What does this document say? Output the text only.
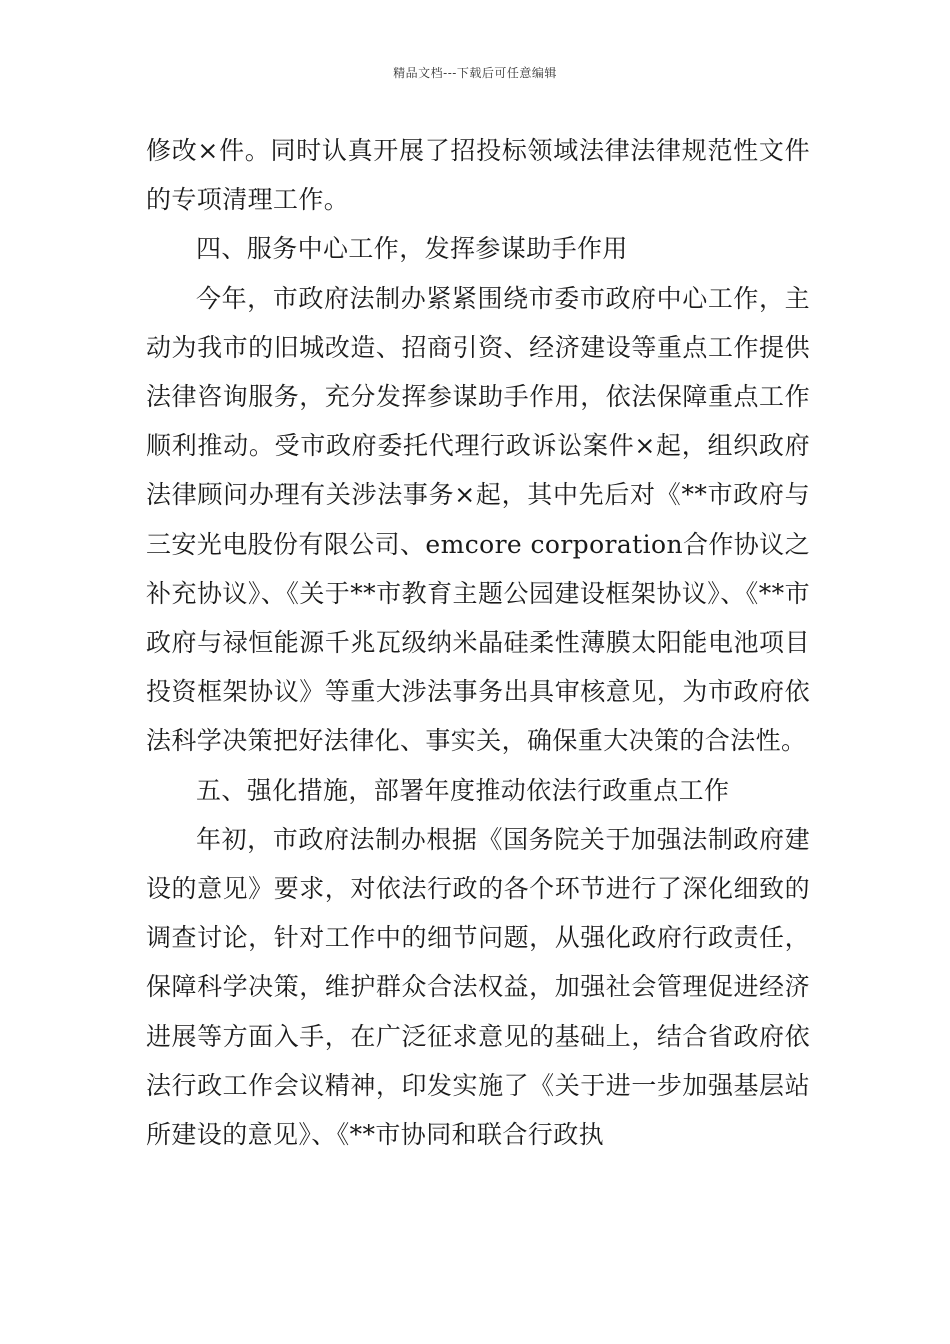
精品文档---下载后可任意编辑

修改×件。同时认真开展了招投标领域法律法律规范性文件的专项清理工作。

四、服务中心工作，发挥参谋助手作用

今年，市政府法制办紧紧围绕市委市政府中心工作，主动为我市的旧城改造、招商引资、经济建设等重点工作提供法律咨询服务，充分发挥参谋助手作用，依法保障重点工作顺利推动。受市政府委托代理行政诉讼案件×起，组织政府法律顾问办理有关涉法事务×起，其中先后对《**市政府与三安光电股份有限公司、emcore corporation合作协议之补充协议》、《关于**市教育主题公园建设框架协议》、《**市政府与禄恒能源千兆瓦级纳米晶硅柔性薄膜太阳能电池项目投资框架协议》等重大涉法事务出具审核意见，为市政府依法科学决策把好法律化、事实关，确保重大决策的合法性。

五、强化措施，部署年度推动依法行政重点工作

年初，市政府法制办根据《国务院关于加强法制政府建设的意见》要求，对依法行政的各个环节进行了深化细致的调查讨论，针对工作中的细节问题，从强化政府行政责任，保障科学决策，维护群众合法权益，加强社会管理促进经济进展等方面入手，在广泛征求意见的基础上，结合省政府依法行政工作会议精神，印发实施了《关于进一步加强基层站所建设的意见》、《**市协同和联合行政执
